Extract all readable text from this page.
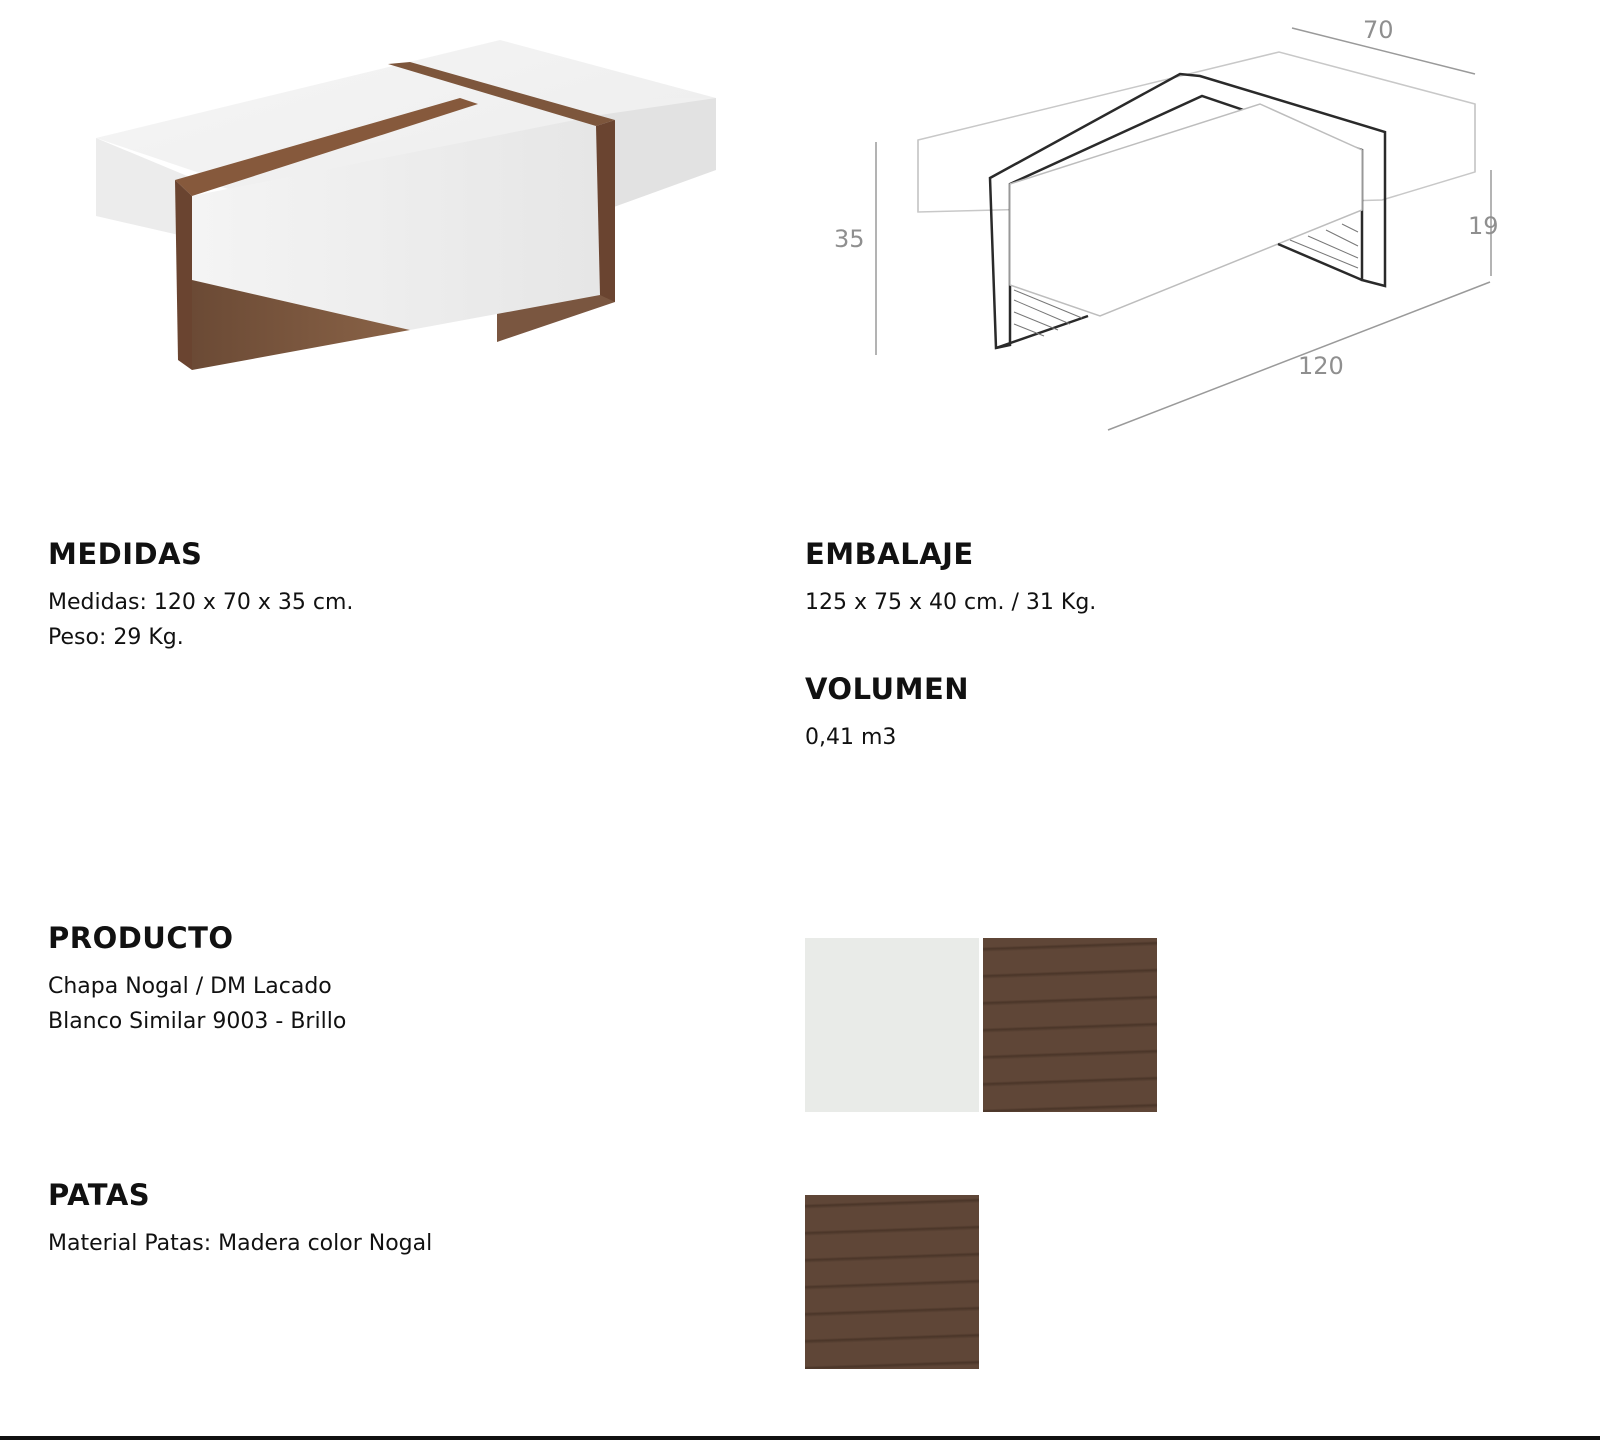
70
35	19
120
MEDIDAS

Medidas: 120 x 70 x 35 cm.

Peso: 29 Kg.

EMBALAJE

125 x 75 x 40 cm. / 31 Kg.

VOLUMEN

0,41 m3

PRODUCTO

Chapa Nogal / DM Lacado

Blanco Similar 9003 - Brillo

PATAS

Material Patas: Madera color Nogal
